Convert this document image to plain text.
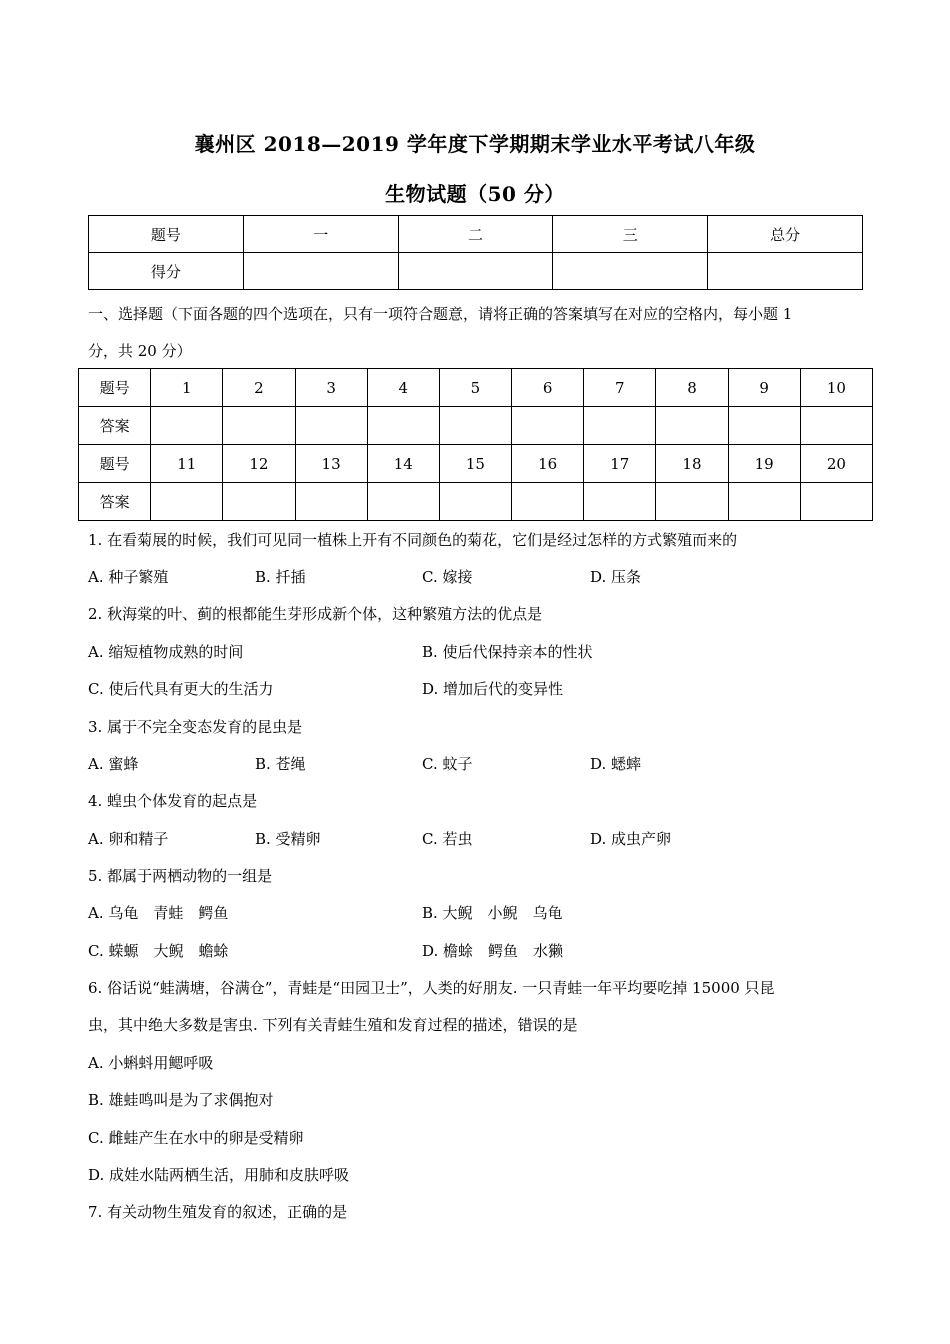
襄州区 2018—2019 学年度下学期期末学业水平考试八年级
生物试题（50 分）
题号	一	二	三	总分
得分				
一、选择题（下面各题的四个选项在，只有一项符合题意，请将正确的答案填写在对应的空格内，每小题 1
分，共 20 分）
题号	1	2	3	4	5	6	7	8	9	10
答案										
题号	11	12	13	14	15	16	17	18	19	20
答案										
1. 在看菊展的时候，我们可见同一植株上开有不同颜色的菊花，它们是经过怎样的方式繁殖而来的
A. 种子繁殖	B. 扦插	C. 嫁接	D. 压条
2. 秋海棠的叶、蓟的根都能生芽形成新个体，这种繁殖方法的优点是
A. 缩短植物成熟的时间	B. 使后代保持亲本的性状
C. 使后代具有更大的生活力	D. 增加后代的变异性
3. 属于不完全变态发育的昆虫是
A. 蜜蜂	B. 苍绳	C. 蚊子	D. 蟋蟀
4. 蝗虫个体发育的起点是
A. 卵和精子	B. 受精卵	C. 若虫	D. 成虫产卵
5. 都属于两栖动物的一组是
A. 乌龟　青蛙　鳄鱼	B. 大鲵　小鲵　乌龟
C. 蝾螈　大鲵　蟾蜍	D. 檐蜍　鳄鱼　水獭
6. 俗话说“蛙满塘，谷满仓”，青蛙是“田园卫士”，人类的好朋友. 一只青蛙一年平均要吃掉 15000 只昆
虫，其中绝大多数是害虫. 下列有关青蛙生殖和发育过程的描述，错误的是
A. 小蝌蚪用鳃呼吸
B. 雄蛙鸣叫是为了求偶抱对
C. 雌蛙产生在水中的卵是受精卵
D. 成娃水陆两栖生活，用肺和皮肤呼吸
7. 有关动物生殖发育的叙述，正确的是
